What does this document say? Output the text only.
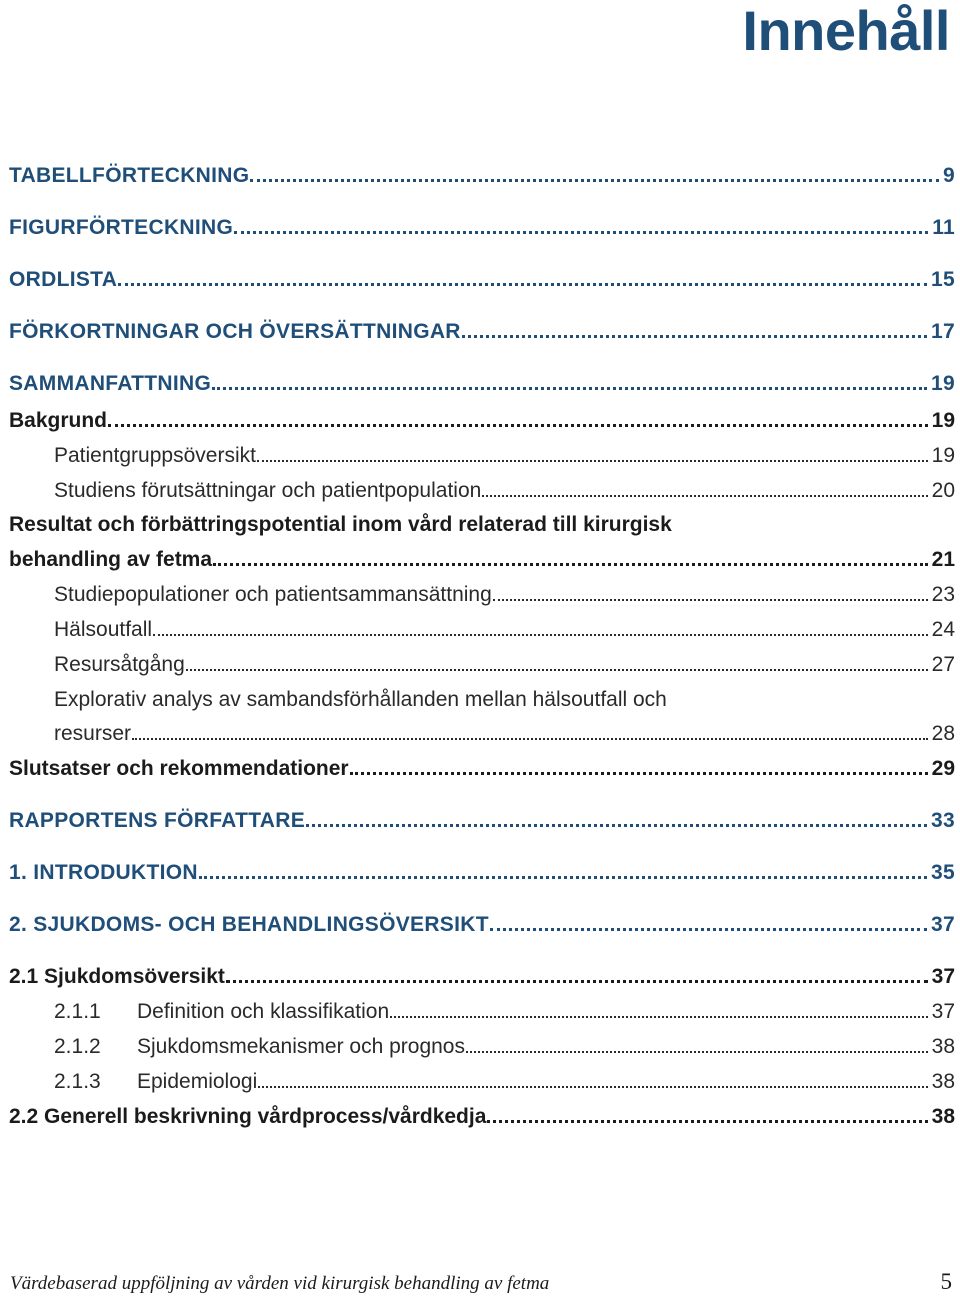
Innehåll
TABELLFÖRTECKNING	9
FIGURFÖRTECKNING	11
ORDLISTA	15
FÖRKORTNINGAR OCH ÖVERSÄTTNINGAR	17
SAMMANFATTNING	19
Bakgrund	19
Patientgruppsöversikt	19
Studiens förutsättningar och patientpopulation	20
Resultat och förbättringspotential inom vård relaterad till kirurgisk
behandling av fetma	21
Studiepopulationer och patientsammansättning	23
Hälsoutfall	24
Resursåtgång	27
Explorativ analys av sambandsförhållanden mellan hälsoutfall och
resurser	28
Slutsatser och rekommendationer	29
RAPPORTENS FÖRFATTARE	33
1. INTRODUKTION	35
2. SJUKDOMS- OCH BEHANDLINGSÖVERSIKT	37
2.1 Sjukdomsöversikt	37
2.1.1 Definition och klassifikation	37
2.1.2 Sjukdomsmekanismer och prognos	38
2.1.3 Epidemiologi	38
2.2 Generell beskrivning vårdprocess/vårdkedja	38
Värdebaserad uppföljning av vården vid kirurgisk behandling av fetma	5
